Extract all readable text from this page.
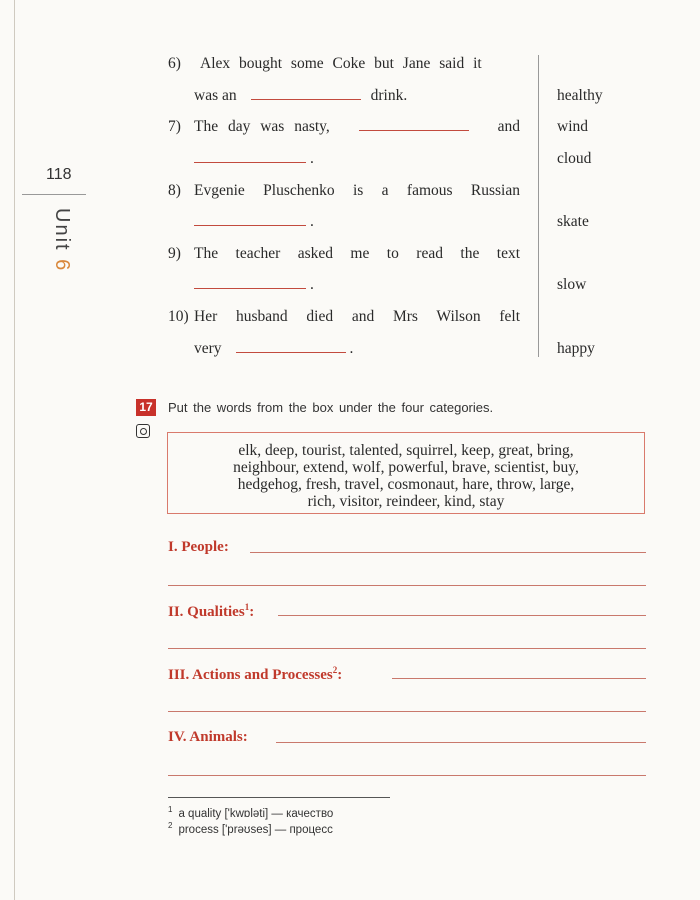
118
Unit 6
6) Alex bought some Coke but Jane said it
was an	drink.
7) The day was nasty,	and
.
8) Evgenie Pluschenko is a famous Russian
.
9) The teacher asked me to read the text
.
10) Her husband died and Mrs Wilson felt
very	.
healthy
wind
cloud
skate
slow
happy
17 Put the words from the box under the four categories.
elk, deep, tourist, talented, squirrel, keep, great, bring,
neighbour, extend, wolf, powerful, brave, scientist, buy,
hedgehog, fresh, travel, cosmonaut, hare, throw, large,
rich, visitor, reindeer, kind, stay
I. People:
II. Qualities$^1$:
III. Actions and Processes$^2$:
IV. Animals:
$^1$ a quality ['kwɒləti] — качество
$^2$ process ['prəʊses] — процесс
